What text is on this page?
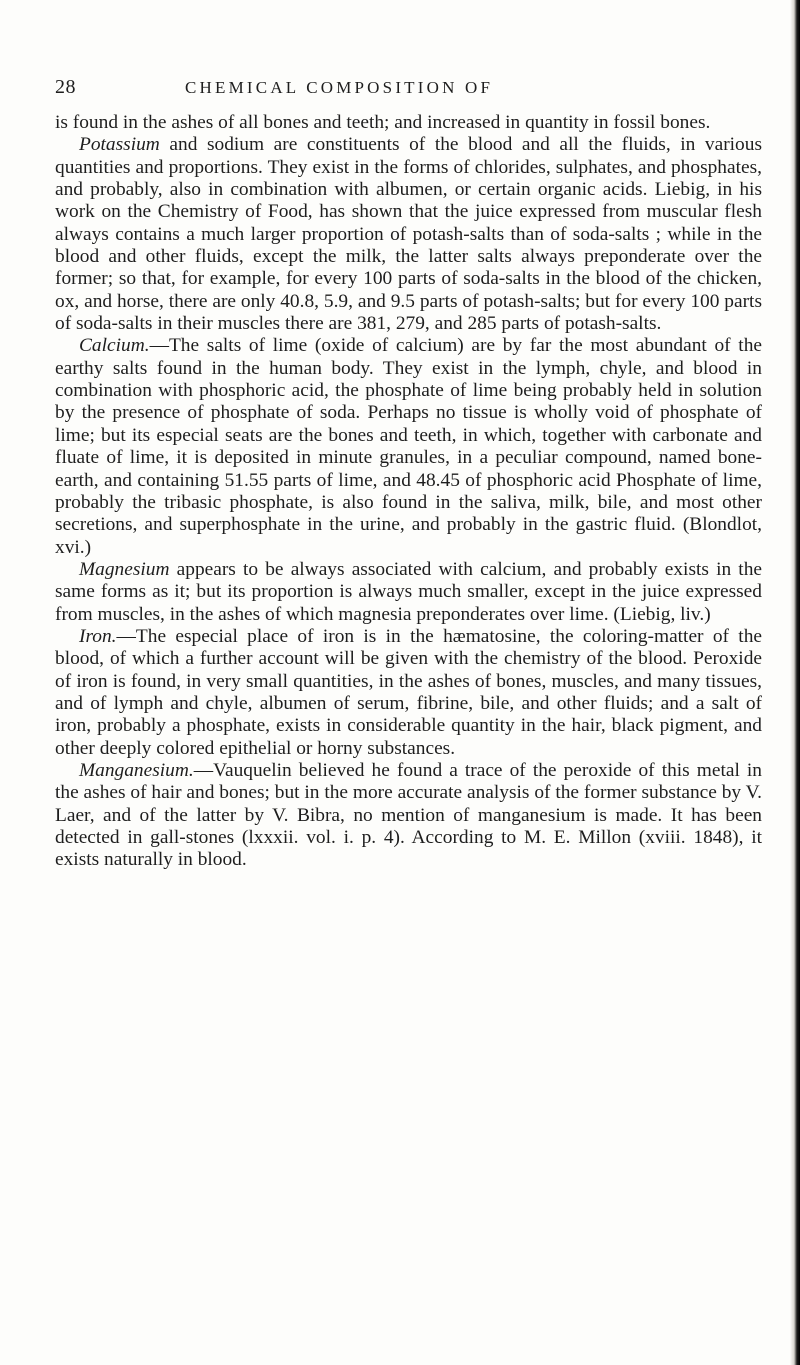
28	CHEMICAL COMPOSITION OF

is found in the ashes of all bones and teeth; and increased in quantity in fossil bones.

Potassium and sodium are constituents of the blood and all the fluids, in various quantities and proportions. They exist in the forms of chlorides, sulphates, and phosphates, and probably, also in combination with albumen, or certain organic acids. Liebig, in his work on the Chemistry of Food, has shown that the juice expressed from muscular flesh always contains a much larger proportion of potash-salts than of soda-salts ; while in the blood and other fluids, except the milk, the latter salts always preponderate over the former; so that, for example, for every 100 parts of soda-salts in the blood of the chicken, ox, and horse, there are only 40.8, 5.9, and 9.5 parts of potash-salts; but for every 100 parts of soda-salts in their muscles there are 381, 279, and 285 parts of potash-salts.

Calcium.—The salts of lime (oxide of calcium) are by far the most abundant of the earthy salts found in the human body. They exist in the lymph, chyle, and blood in combination with phosphoric acid, the phosphate of lime being probably held in solution by the presence of phosphate of soda. Perhaps no tissue is wholly void of phosphate of lime; but its especial seats are the bones and teeth, in which, together with carbonate and fluate of lime, it is deposited in minute granules, in a peculiar compound, named bone-earth, and containing 51.55 parts of lime, and 48.45 of phosphoric acid Phosphate of lime, probably the tribasic phosphate, is also found in the saliva, milk, bile, and most other secretions, and superphosphate in the urine, and probably in the gastric fluid. (Blondlot, xvi.)

Magnesium appears to be always associated with calcium, and probably exists in the same forms as it; but its proportion is always much smaller, except in the juice expressed from muscles, in the ashes of which magnesia preponderates over lime. (Liebig, liv.)

Iron.—The especial place of iron is in the hæmatosine, the coloring-matter of the blood, of which a further account will be given with the chemistry of the blood. Peroxide of iron is found, in very small quantities, in the ashes of bones, muscles, and many tissues, and of lymph and chyle, albumen of serum, fibrine, bile, and other fluids; and a salt of iron, probably a phosphate, exists in considerable quantity in the hair, black pigment, and other deeply colored epithelial or horny substances.

Manganesium.—Vauquelin believed he found a trace of the peroxide of this metal in the ashes of hair and bones; but in the more accurate analysis of the former substance by V. Laer, and of the latter by V. Bibra, no mention of manganesium is made. It has been detected in gall-stones (lxxxii. vol. i. p. 4). According to M. E. Millon (xviii. 1848), it exists naturally in blood.
